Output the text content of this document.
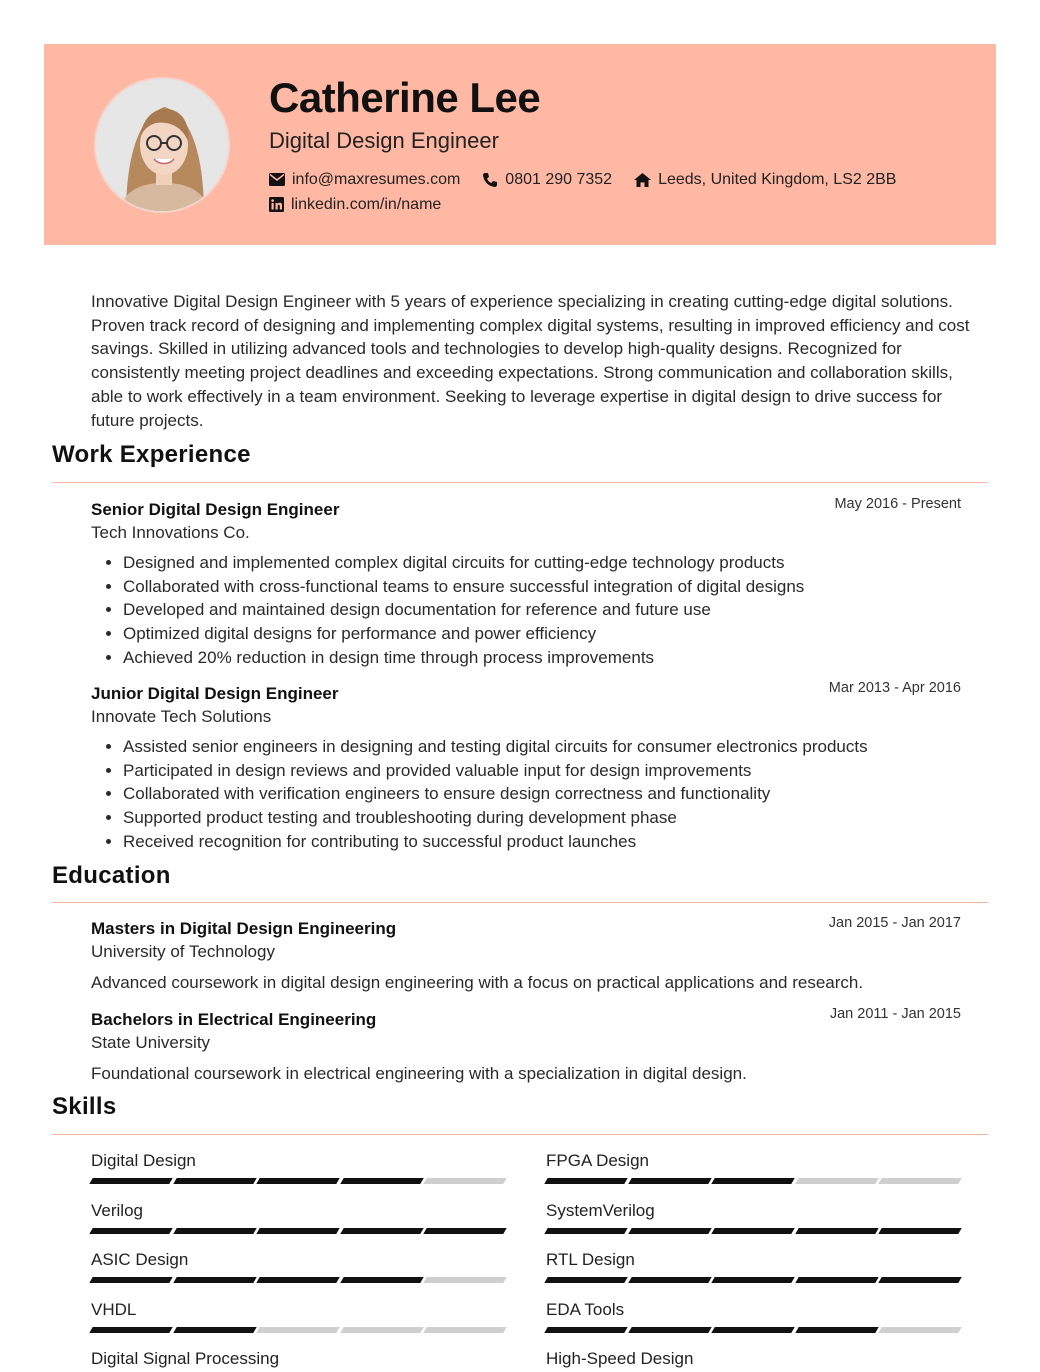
Catherine Lee
Digital Design Engineer
info@maxresumes.com	0801 290 7352	Leeds, United Kingdom, LS2 2BB
linkedin.com/in/name

Innovative Digital Design Engineer with 5 years of experience specializing in creating cutting-edge digital solutions. Proven track record of designing and implementing complex digital systems, resulting in improved efficiency and cost savings. Skilled in utilizing advanced tools and technologies to develop high-quality designs. Recognized for consistently meeting project deadlines and exceeding expectations. Strong communication and collaboration skills, able to work effectively in a team environment. Seeking to leverage expertise in digital design to drive success for future projects.

Work Experience
Senior Digital Design Engineer	May 2016 - Present
Tech Innovations Co.
• Designed and implemented complex digital circuits for cutting-edge technology products
• Collaborated with cross-functional teams to ensure successful integration of digital designs
• Developed and maintained design documentation for reference and future use
• Optimized digital designs for performance and power efficiency
• Achieved 20% reduction in design time through process improvements
Junior Digital Design Engineer	Mar 2013 - Apr 2016
Innovate Tech Solutions
• Assisted senior engineers in designing and testing digital circuits for consumer electronics products
• Participated in design reviews and provided valuable input for design improvements
• Collaborated with verification engineers to ensure design correctness and functionality
• Supported product testing and troubleshooting during development phase
• Received recognition for contributing to successful product launches
Education
Masters in Digital Design Engineering	Jan 2015 - Jan 2017
University of Technology
Advanced coursework in digital design engineering with a focus on practical applications and research.
Bachelors in Electrical Engineering	Jan 2011 - Jan 2015
State University
Foundational coursework in electrical engineering with a specialization in digital design.
Skills
Digital Design	FPGA Design
Verilog	SystemVerilog
ASIC Design	RTL Design
VHDL	EDA Tools
Digital Signal Processing	High-Speed Design
